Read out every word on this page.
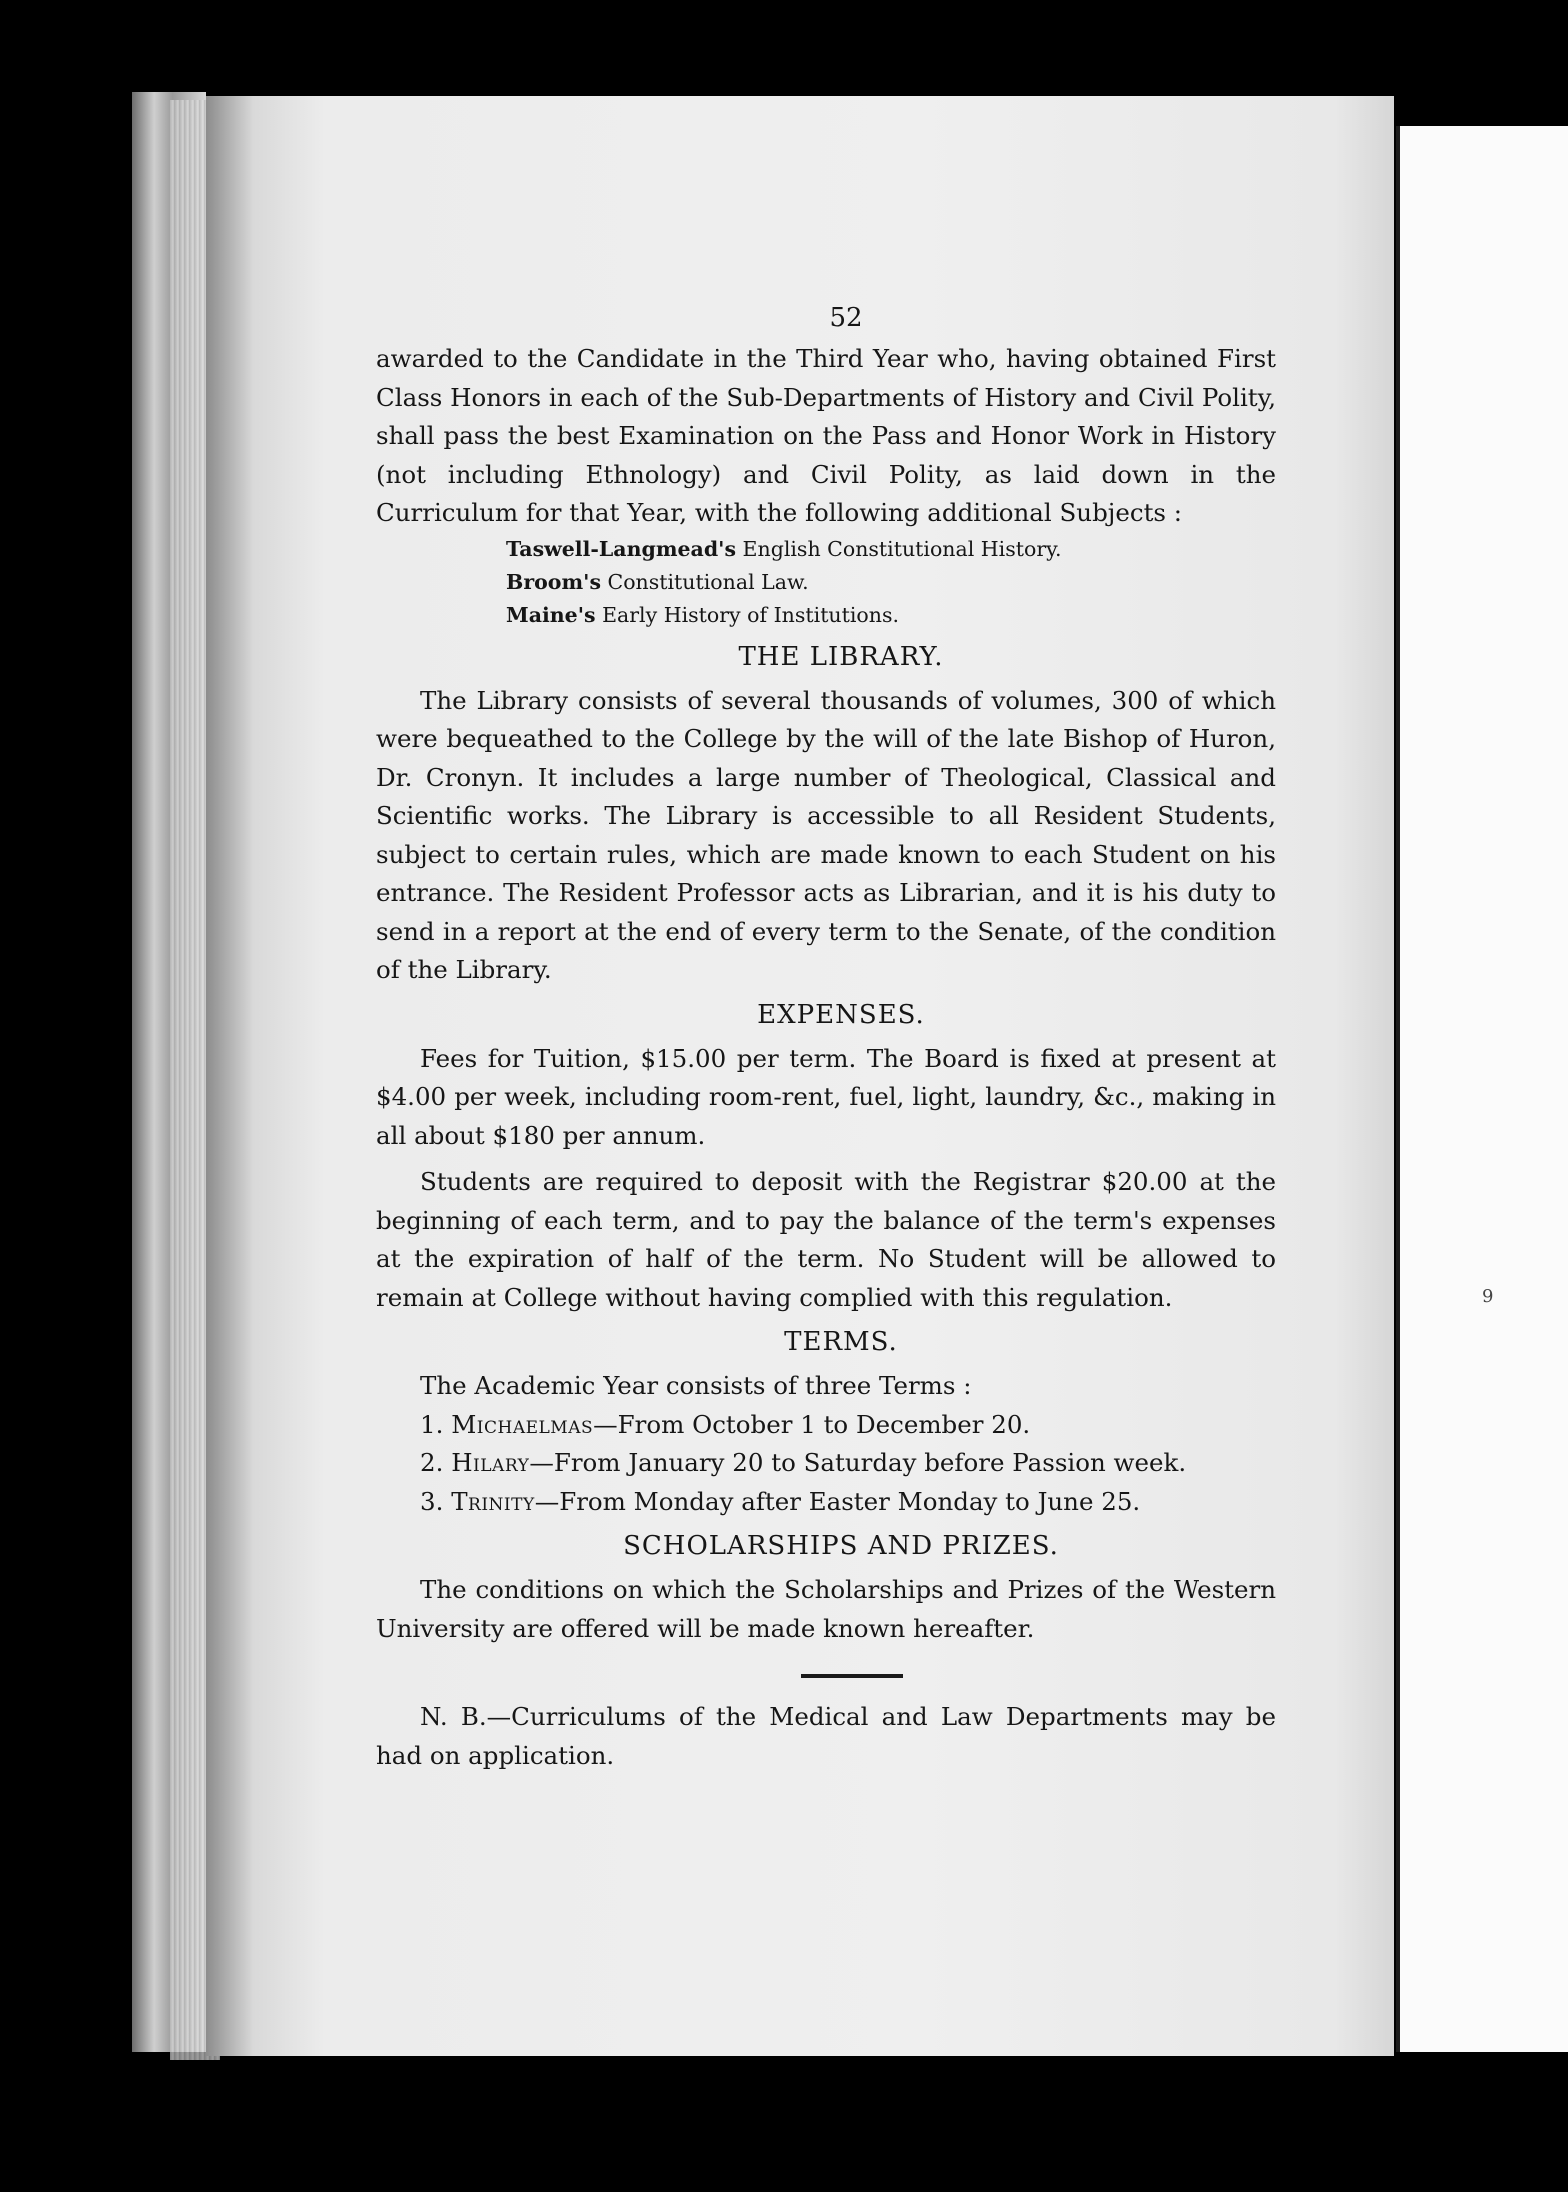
9
52

awarded to the Candidate in the Third Year who, having obtained First Class Honors in each of the Sub-Departments of History and Civil Polity, shall pass the best Examination on the Pass and Honor Work in History (not including Ethnology) and Civil Polity, as laid down in the Curriculum for that Year, with the following additional Subjects :

Taswell-Langmead's English Constitutional History.
Broom's Constitutional Law.
Maine's Early History of Institutions.
THE LIBRARY.

The Library consists of several thousands of volumes, 300 of which were bequeathed to the College by the will of the late Bishop of Huron, Dr. Cronyn. It includes a large number of Theological, Classical and Scientific works. The Library is accessible to all Resident Students, subject to certain rules, which are made known to each Student on his entrance. The Resident Professor acts as Librarian, and it is his duty to send in a report at the end of every term to the Senate, of the condition of the Library.

EXPENSES.

Fees for Tuition, $15.00 per term. The Board is fixed at present at $4.00 per week, including room-rent, fuel, light, laundry, &c., making in all about $180 per annum.

Students are required to deposit with the Registrar $20.00 at the beginning of each term, and to pay the balance of the term's expenses at the expiration of half of the term. No Student will be allowed to remain at College without having complied with this regulation.

TERMS.

The Academic Year consists of three Terms :

1. Michaelmas—From October 1 to December 20.
2. Hilary—From January 20 to Saturday before Passion week.
3. Trinity—From Monday after Easter Monday to June 25.
SCHOLARSHIPS AND PRIZES.

The conditions on which the Scholarships and Prizes of the Western University are offered will be made known hereafter.

N. B.—Curriculums of the Medical and Law Departments may be had on application.
